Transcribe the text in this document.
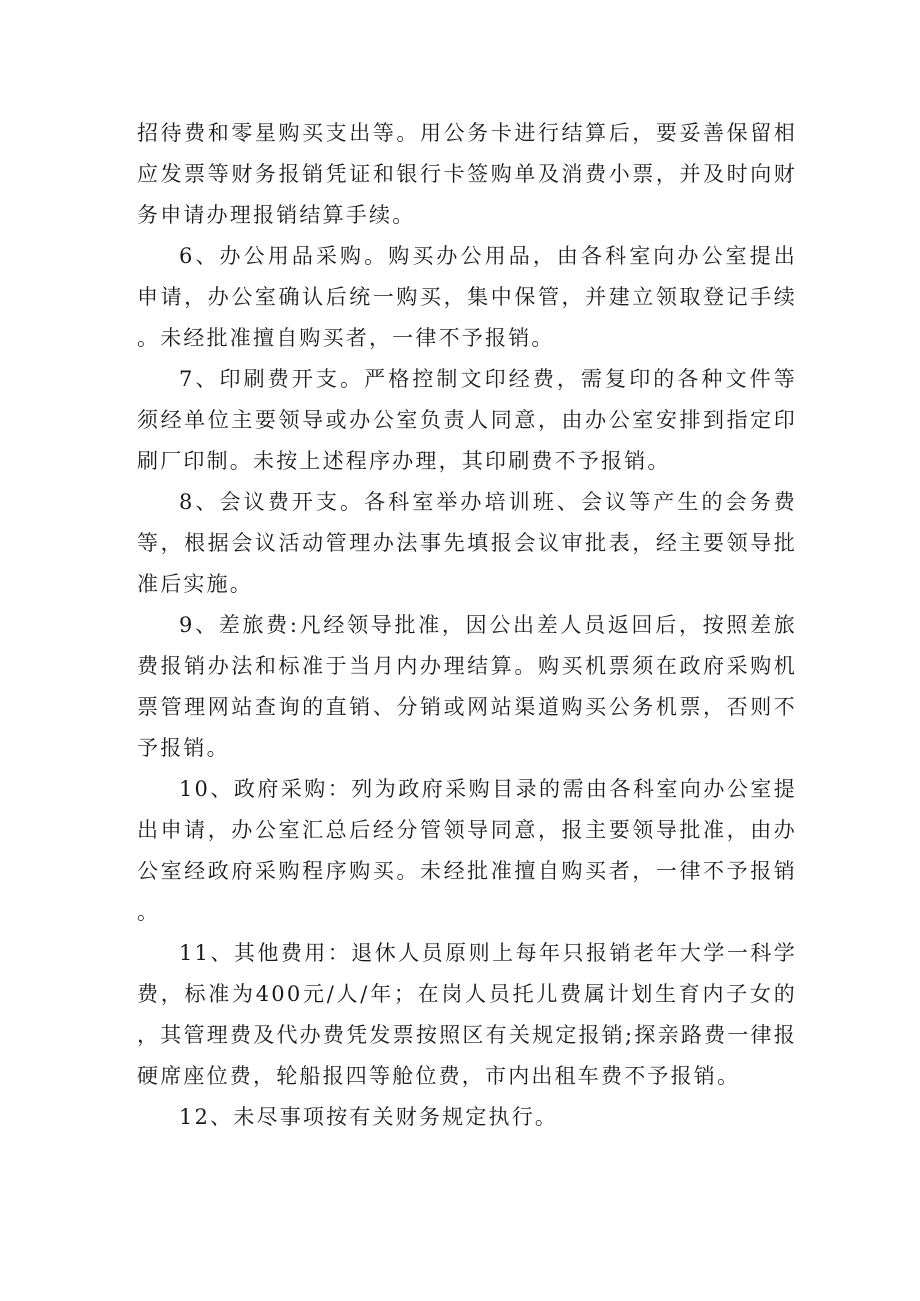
招待费和零星购买支出等。用公务卡进行结算后，要妥善保留相应发票等财务报销凭证和银行卡签购单及消费小票，并及时向财务申请办理报销结算手续。

6、办公用品采购。购买办公用品，由各科室向办公室提出申请，办公室确认后统一购买，集中保管，并建立领取登记手续。未经批准擅自购买者，一律不予报销。

7、印刷费开支。严格控制文印经费，需复印的各种文件等须经单位主要领导或办公室负责人同意，由办公室安排到指定印刷厂印制。未按上述程序办理，其印刷费不予报销。

8、会议费开支。各科室举办培训班、会议等产生的会务费等，根据会议活动管理办法事先填报会议审批表，经主要领导批准后实施。

9、差旅费:凡经领导批准，因公出差人员返回后，按照差旅费报销办法和标准于当月内办理结算。购买机票须在政府采购机票管理网站查询的直销、分销或网站渠道购买公务机票，否则不予报销。

10、政府采购：列为政府采购目录的需由各科室向办公室提出申请，办公室汇总后经分管领导同意，报主要领导批准，由办公室经政府采购程序购买。未经批准擅自购买者，一律不予报销。

11、其他费用：退休人员原则上每年只报销老年大学一科学费，标准为400元/人/年；在岗人员托儿费属计划生育内子女的，其管理费及代办费凭发票按照区有关规定报销;探亲路费一律报硬席座位费，轮船报四等舱位费，市内出租车费不予报销。

12、未尽事项按有关财务规定执行。
